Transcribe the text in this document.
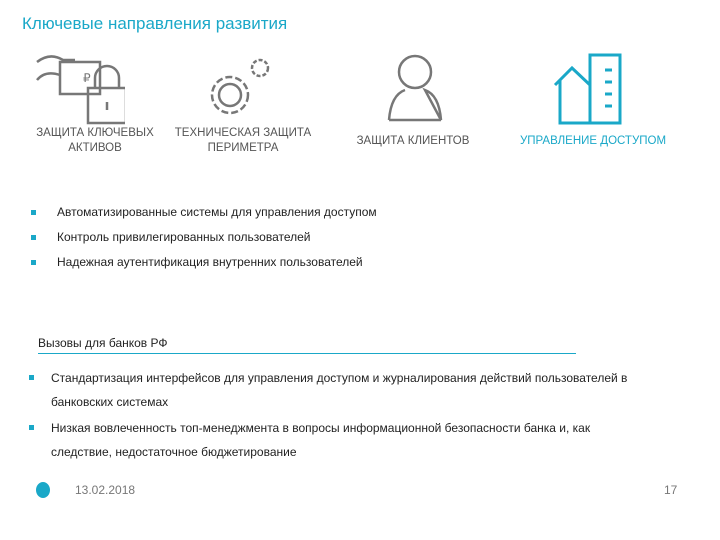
Ключевые направления развития
₽
ЗАЩИТА КЛЮЧЕВЫХ АКТИВОВ
ТЕХНИЧЕСКАЯ ЗАЩИТА ПЕРИМЕТРА
ЗАЩИТА КЛИЕНТОВ	УПРАВЛЕНИЕ ДОСТУПОМ
Автоматизированные системы для управления доступом
Контроль привилегированных пользователей
Надежная аутентификация внутренних пользователей
Вызовы для банков РФ
Стандартизация интерфейсов для управления доступом и журналирования действий пользователей в банковских системах
Низкая вовлеченность топ-менеджмента в вопросы информационной безопасности банка и, как следствие, недостаточное бюджетирование
13.02.2018	17
